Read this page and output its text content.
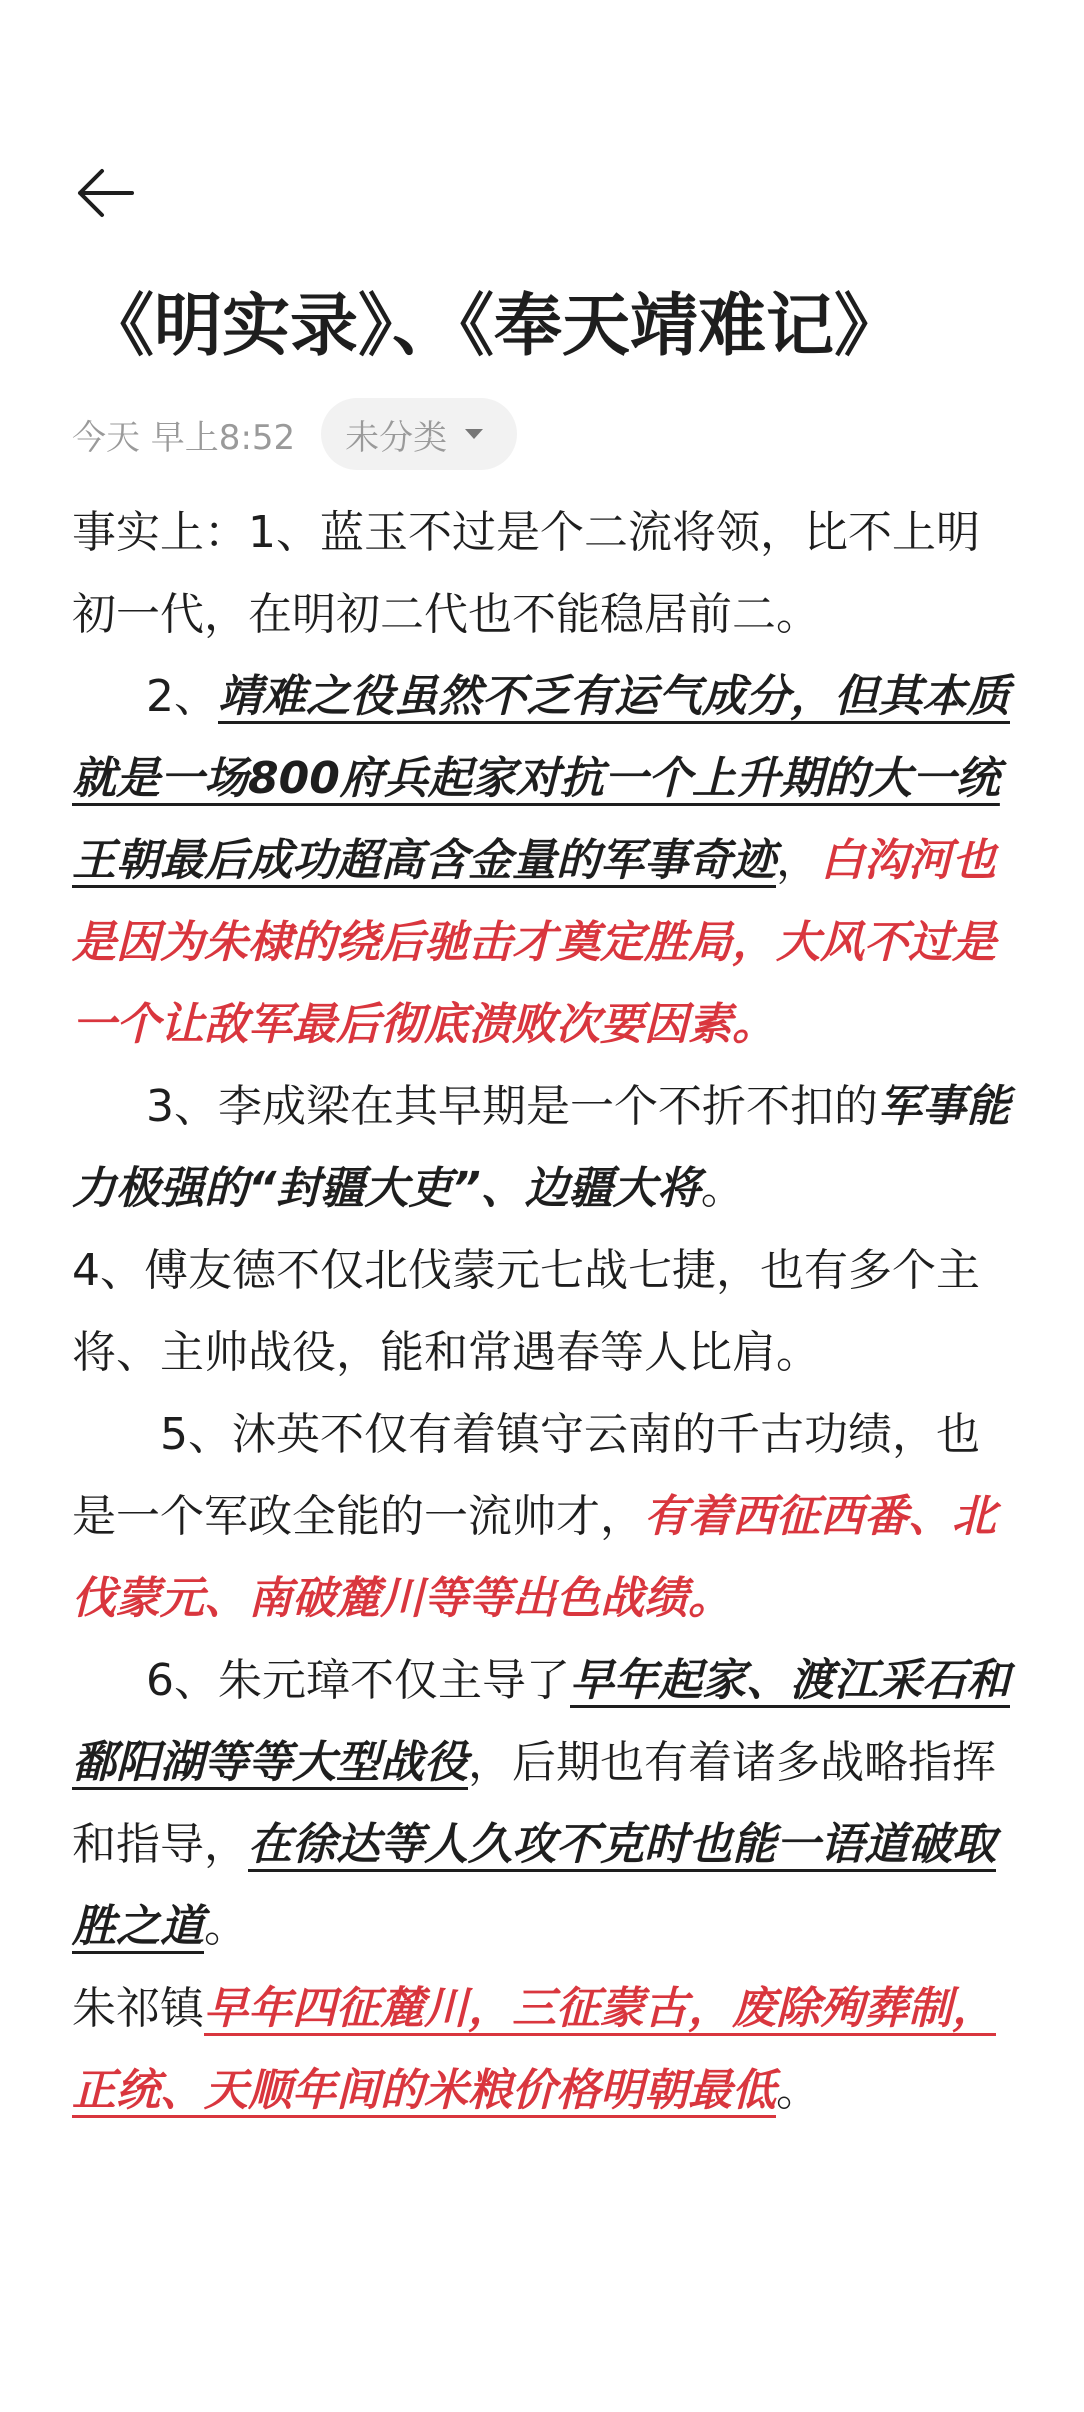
《明实录》、《奉天靖难记》
今天 早上8:52 未分类

事实上：1、蓝玉不过是个二流将领，比不上明初一代，在明初二代也不能稳居前二。

2、靖难之役虽然不乏有运气成分，但其本质就是一场800府兵起家对抗一个上升期的大一统王朝最后成功超高含金量的军事奇迹，白沟河也是因为朱棣的绕后驰击才奠定胜局，大风不过是一个让敌军最后彻底溃败次要因素。

3、李成梁在其早期是一个不折不扣的军事能力极强的“封疆大吏”、边疆大将。

4、傅友德不仅北伐蒙元七战七捷，也有多个主将、主帅战役，能和常遇春等人比肩。

5、沐英不仅有着镇守云南的千古功绩，也是一个军政全能的一流帅才，有着西征西番、北伐蒙元、南破麓川等等出色战绩。

6、朱元璋不仅主导了早年起家、渡江采石和鄱阳湖等等大型战役，后期也有着诸多战略指挥和指导，在徐达等人久攻不克时也能一语道破取胜之道。

朱祁镇早年四征麓川，三征蒙古，废除殉葬制，正统、天顺年间的米粮价格明朝最低。
